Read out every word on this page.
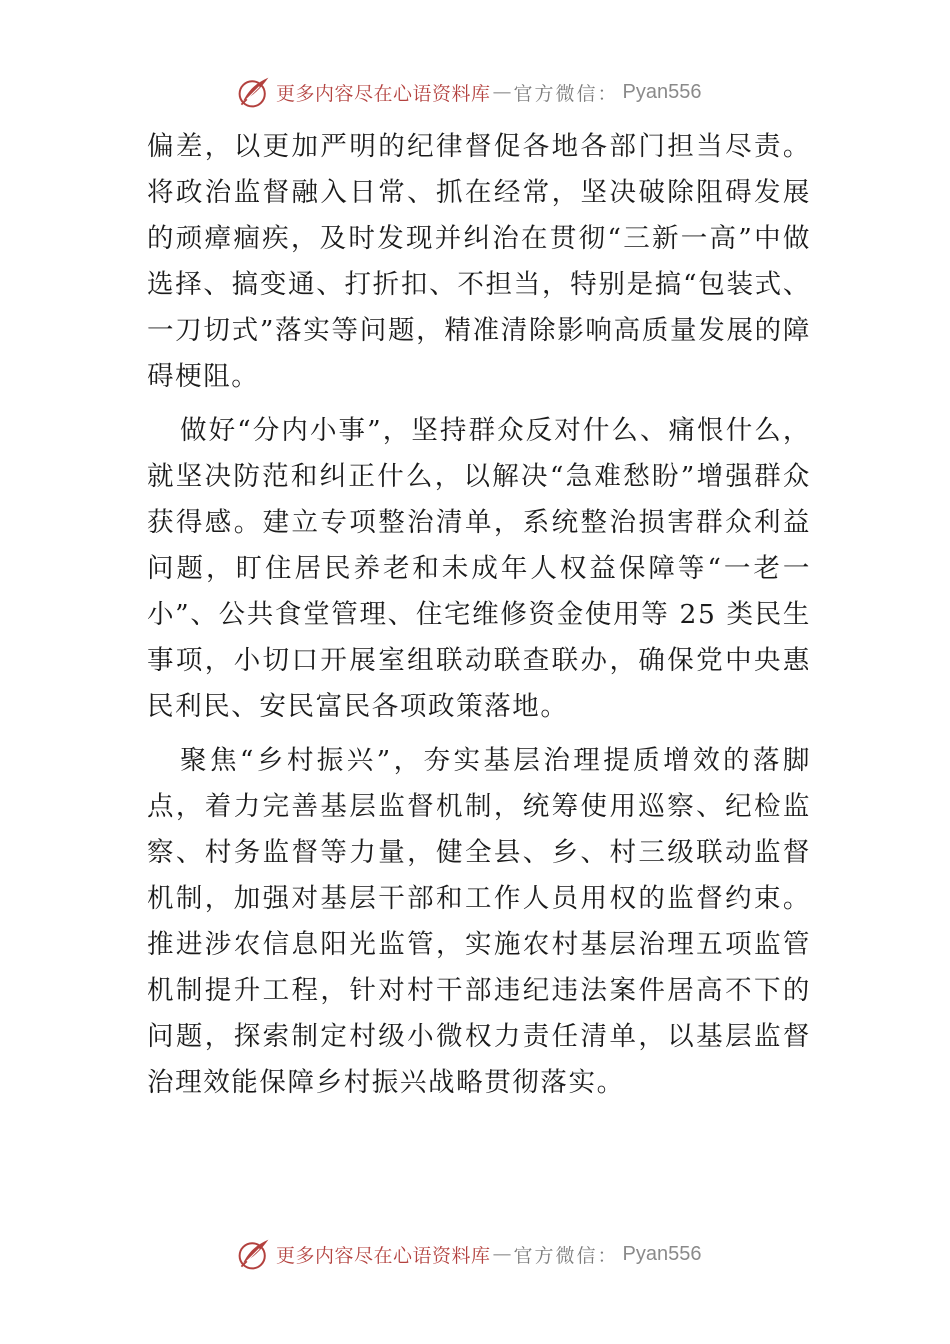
更多内容尽在心语资料库 — 官方微信： Pyan556

偏差，以更加严明的纪律督促各地各部门担当尽责。将政治监督融入日常、抓在经常，坚决破除阻碍发展的顽瘴痼疾，及时发现并纠治在贯彻“三新一高”中做选择、搞变通、打折扣、不担当，特别是搞“包装式、一刀切式”落实等问题，精准清除影响高质量发展的障碍梗阻。

做好“分内小事”，坚持群众反对什么、痛恨什么，就坚决防范和纠正什么，以解决“急难愁盼”增强群众获得感。建立专项整治清单，系统整治损害群众利益问题，盯住居民养老和未成年人权益保障等“一老一小”、公共食堂管理、住宅维修资金使用等 25 类民生事项，小切口开展室组联动联查联办，确保党中央惠民利民、安民富民各项政策落地。

聚焦“乡村振兴”，夯实基层治理提质增效的落脚点，着力完善基层监督机制，统筹使用巡察、纪检监察、村务监督等力量，健全县、乡、村三级联动监督机制，加强对基层干部和工作人员用权的监督约束。推进涉农信息阳光监管，实施农村基层治理五项监管机制提升工程，针对村干部违纪违法案件居高不下的问题，探索制定村级小微权力责任清单，以基层监督治理效能保障乡村振兴战略贯彻落实。

更多内容尽在心语资料库 — 官方微信： Pyan556
